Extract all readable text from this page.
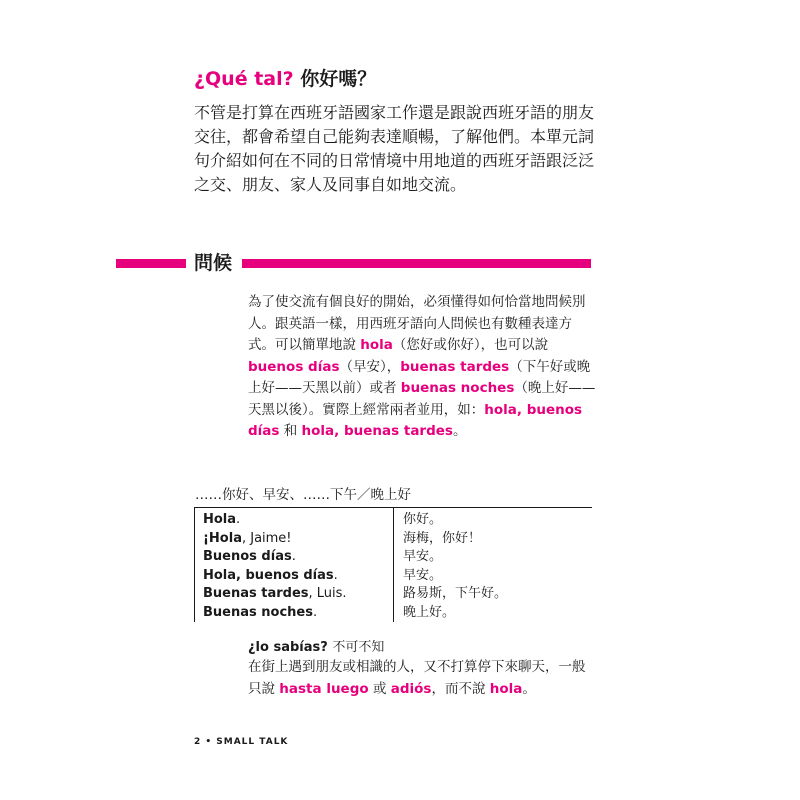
¿Qué tal? 你好嗎？

不管是打算在西班牙語國家工作還是跟說西班牙語的朋友交往，都會希望自己能夠表達順暢，了解他們。本單元詞句介紹如何在不同的日常情境中用地道的西班牙語跟泛泛之交、朋友、家人及同事自如地交流。

問候

為了使交流有個良好的開始，必須懂得如何恰當地問候別人。跟英語一樣，用西班牙語向人問候也有數種表達方式。可以簡單地說 hola（您好或你好），也可以說 buenos días（早安），buenas tardes（下午好或晚上好——天黑以前）或者 buenas noches（晚上好——天黑以後）。實際上經常兩者並用，如：hola, buenos días 和 hola, buenas tardes。

……你好、早安、……下午／晚上好

Hola.	你好。
¡Hola, Jaime!	海梅，你好！
Buenos días.	早安。
Hola, buenos días.	早安。
Buenas tardes, Luis.	路易斯，下午好。
Buenas noches.	晚上好。

¿lo sabías? 不可不知

在街上遇到朋友或相識的人，又不打算停下來聊天，一般只說 hasta luego 或 adiós，而不說 hola。

2 • SMALL TALK
